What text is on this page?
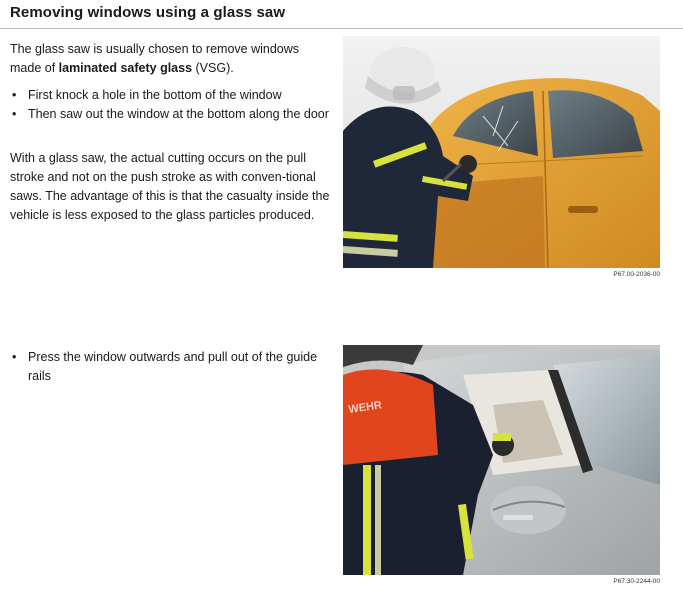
Removing windows using a glass saw
The glass saw is usually chosen to remove windows made of laminated safety glass (VSG).
• First knock a hole in the bottom of the window
• Then saw out the window at the bottom along the door
With a glass saw, the actual cutting occurs on the pull stroke and not on the push stroke as with conven-tional saws. The advantage of this is that the casualty inside the vehicle is less exposed to the glass particles produced.
• Press the window outwards and pull out of the guide rails
P67.00-2036-00
WEHR
P67.30-2244-00
